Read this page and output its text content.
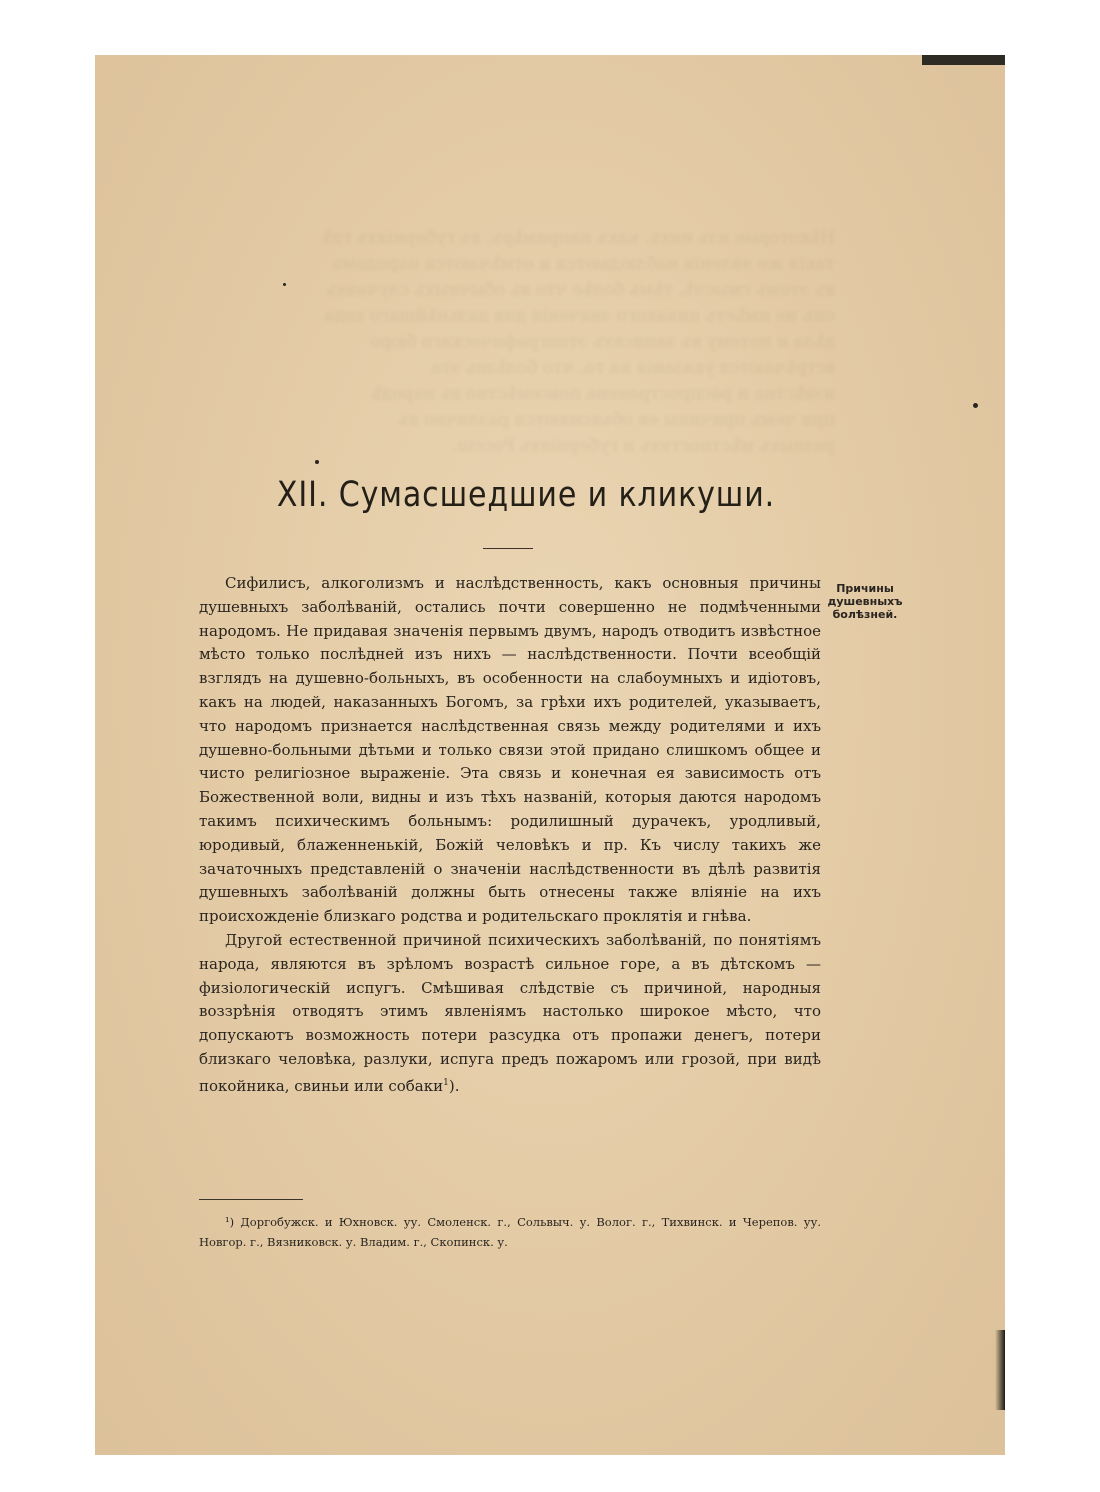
Нѣкоторые изъ нихъ, какъ напримѣръ, въ губерніяхъ гдѣ
такія же явленія наблюдаются и отмѣчаются народомъ
въ этомъ смыслѣ, тѣмъ болѣе что въ обычныхъ случаяхъ
онъ не имѣетъ никакого значенія для дальнѣйшаго хода
дѣла и потому въ записяхъ этнографическаго бюро
встрѣчаются указанія на то, что болѣзнь эта
извѣстна и распространена повсемѣстно въ народѣ
при чемъ причины ея объясняются различно въ
разныхъ мѣстностяхъ и губерніяхъ Россіи.
XII. Сумасшедшие и кликуши.
Причины
душевныхъ
болѣзней.

Сифилисъ, алкоголизмъ и наслѣдственность, какъ основныя причины душевныхъ заболѣваній, остались почти совершенно не подмѣченными народомъ. Не придавая значенія первымъ двумъ, народъ отводитъ извѣстное мѣсто только послѣдней изъ нихъ — наслѣдственности. Почти всеобщій взглядъ на душевно-больныхъ, въ особенности на слабоумныхъ и идіотовъ, какъ на людей, наказанныхъ Богомъ, за грѣхи ихъ родителей, указываетъ, что народомъ признается наслѣдственная связь между родителями и ихъ душевно-больными дѣтьми и только связи этой придано слишкомъ общее и чисто религіозное выраженіе. Эта связь и конечная ея зависимость отъ Божественной воли, видны и изъ тѣхъ названій, которыя даются народомъ такимъ психическимъ больнымъ: родилишный дурачекъ, уродливый, юродивый, блаженненькій, Божій человѣкъ и пр. Къ числу такихъ же зачаточныхъ представленій о значеніи наслѣдственности въ дѣлѣ развитія душевныхъ заболѣваній должны быть отнесены также вліяніе на ихъ происхожденіе близкаго родства и родительскаго проклятія и гнѣва.

Другой естественной причиной психическихъ заболѣваній, по понятіямъ народа, являются въ зрѣломъ возрастѣ сильное горе, а въ дѣтскомъ — физіологическій испугъ. Смѣшивая слѣдствіе съ причиной, народныя воззрѣнія отводятъ этимъ явленіямъ настолько широкое мѣсто, что допускаютъ возможность потери разсудка отъ пропажи денегъ, потери близкаго человѣка, разлуки, испуга предъ пожаромъ или грозой, при видѣ покойника, свиньи или собаки$^1$).

¹) Доргобужск. и Юхновск. уу. Смоленск. г., Сольвыч. у. Волог. г., Тихвинск. и Черепов. уу. Новгор. г., Вязниковск. у. Владим. г., Скопинск. у.
